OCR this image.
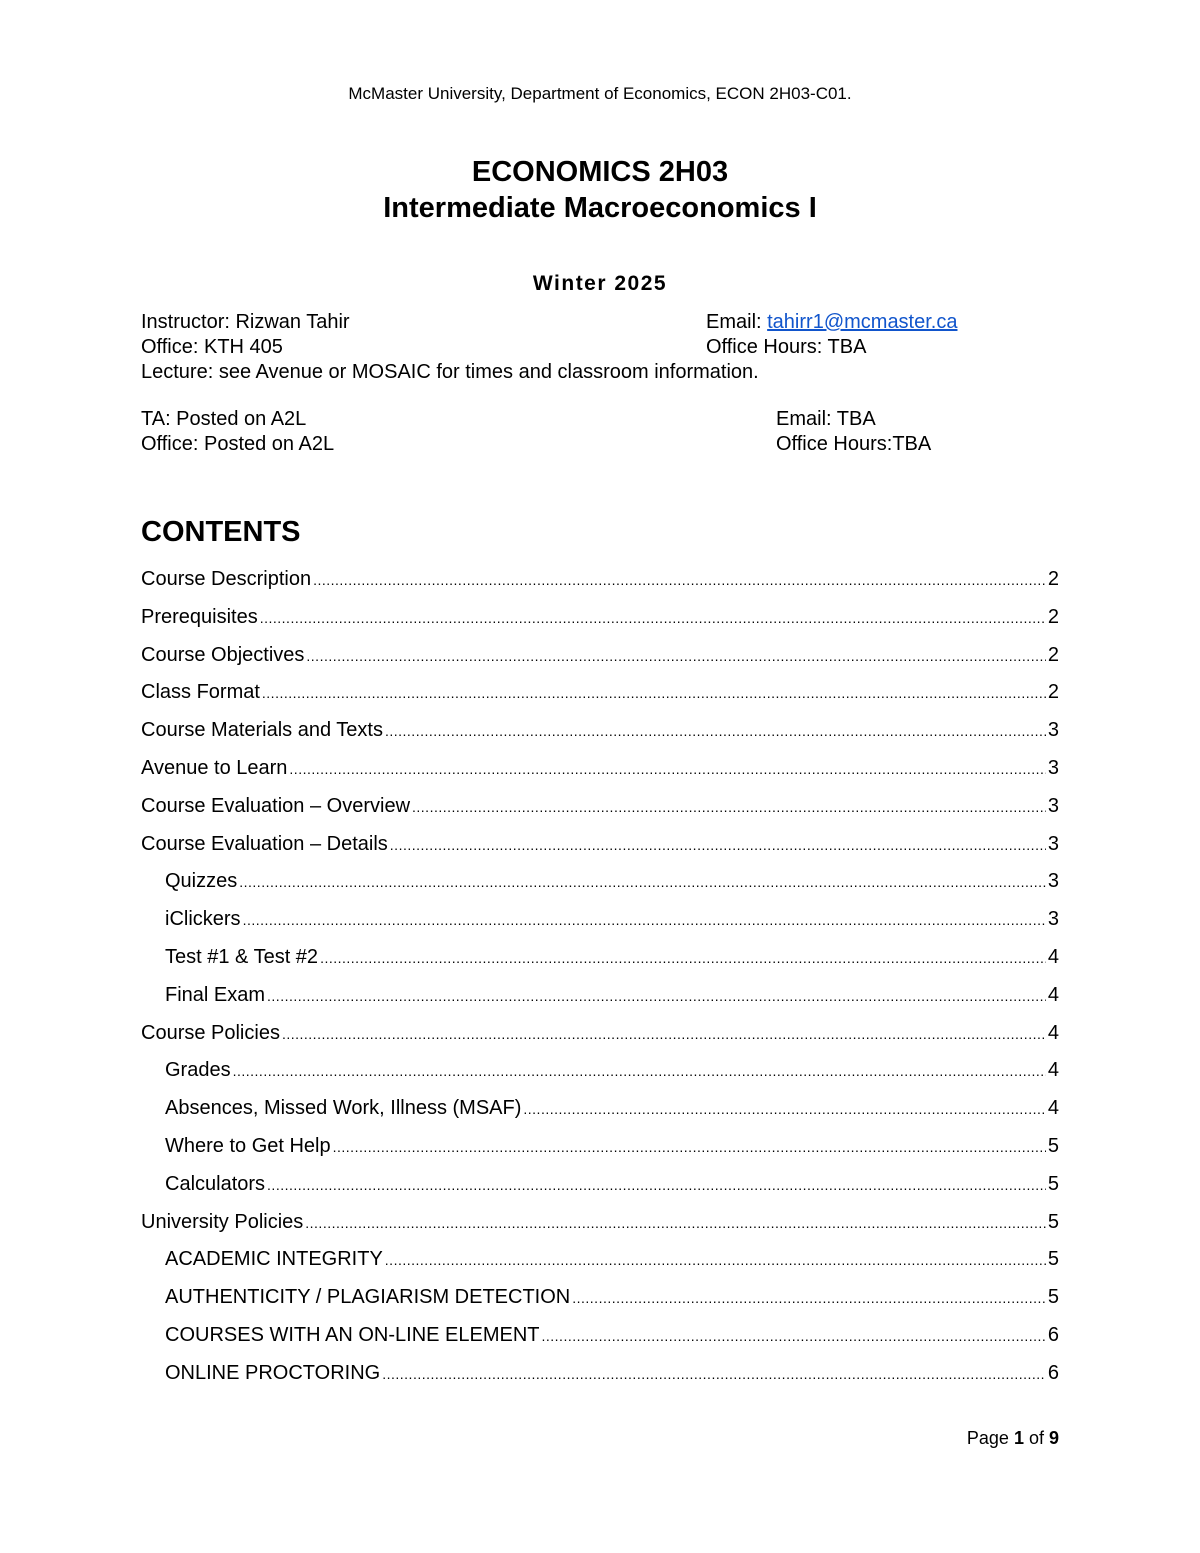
McMaster University, Department of Economics, ECON 2H03-C01.
ECONOMICS 2H03
Intermediate Macroeconomics I
Winter 2025
Instructor: Rizwan Tahir	Email: tahirr1@mcmaster.ca
Office: KTH 405	Office Hours: TBA
Lecture: see Avenue or MOSAIC for times and classroom information.
TA: Posted on A2L	Email: TBA
Office: Posted on A2L	Office Hours:TBA
CONTENTS
Course Description .....	2
Prerequisites .....	2
Course Objectives .....	2
Class Format .....	2
Course Materials and Texts .....	3
Avenue to Learn .....	3
Course Evaluation – Overview .....	3
Course Evaluation – Details .....	3
Quizzes .....	3
iClickers .....	3
Test #1 & Test #2 .....	4
Final Exam .....	4
Course Policies .....	4
Grades .....	4
Absences, Missed Work, Illness (MSAF) .....	4
Where to Get Help .....	5
Calculators .....	5
University Policies .....	5
ACADEMIC INTEGRITY .....	5
AUTHENTICITY / PLAGIARISM DETECTION .....	5
COURSES WITH AN ON-LINE ELEMENT .....	6
ONLINE PROCTORING .....	6
Page 1 of 9
